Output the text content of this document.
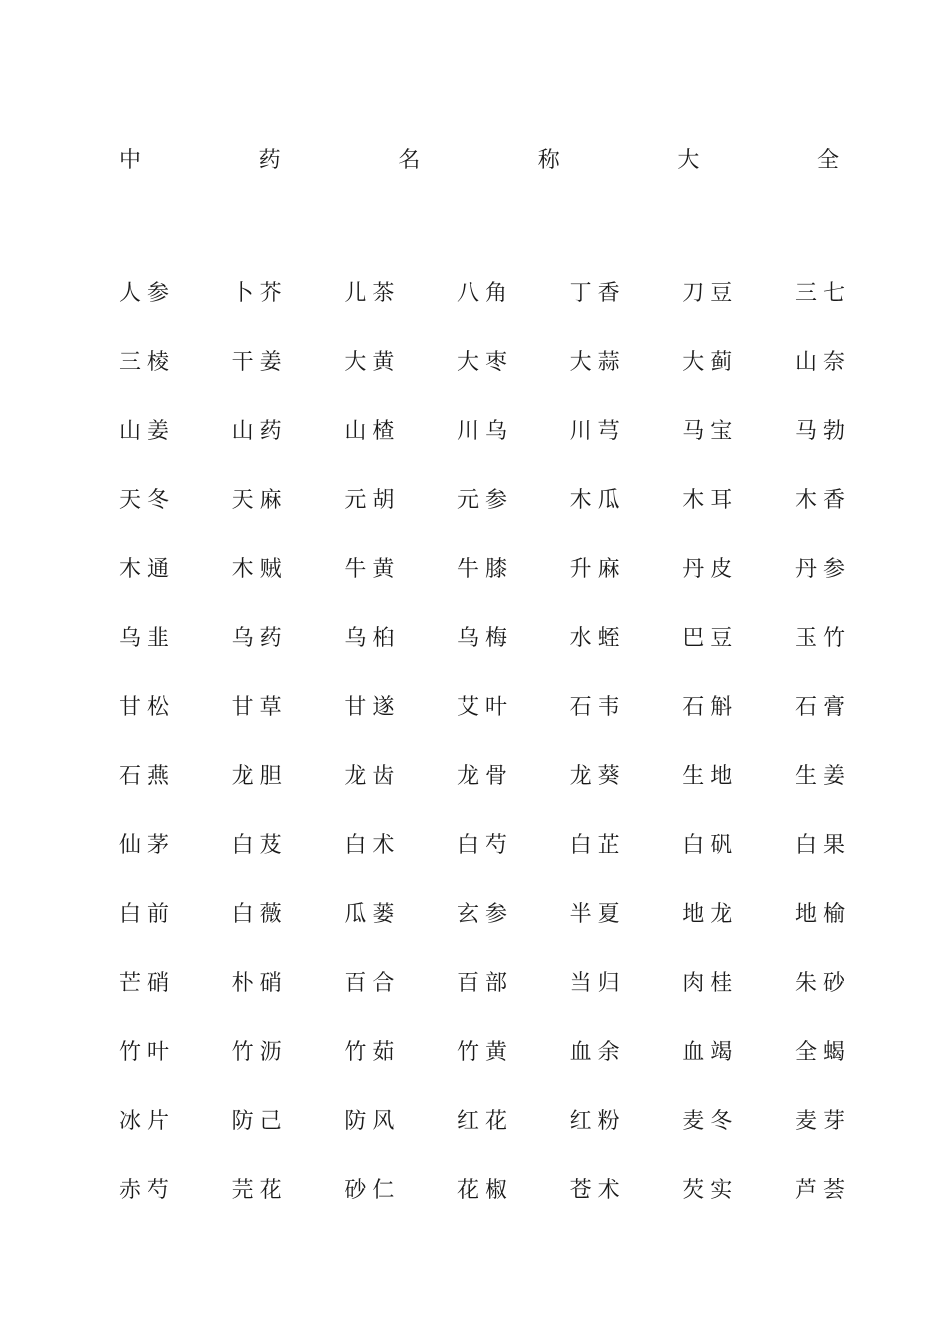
中	药	名	称	大	全
人参	卜芥	儿茶	八角	丁香	刀豆	三七
三棱	干姜	大黄	大枣	大蒜	大蓟	山奈
山姜	山药	山楂	川乌	川芎	马宝	马勃
天冬	天麻	元胡	元参	木瓜	木耳	木香
木通	木贼	牛黄	牛膝	升麻	丹皮	丹参
乌韭	乌药	乌桕	乌梅	水蛭	巴豆	玉竹
甘松	甘草	甘遂	艾叶	石韦	石斛	石膏
石燕	龙胆	龙齿	龙骨	龙葵	生地	生姜
仙茅	白芨	白术	白芍	白芷	白矾	白果
白前	白薇	瓜蒌	玄参	半夏	地龙	地榆
芒硝	朴硝	百合	百部	当归	肉桂	朱砂
竹叶	竹沥	竹茹	竹黄	血余	血竭	全蝎
冰片	防己	防风	红花	红粉	麦冬	麦芽
赤芍	芫花	砂仁	花椒	苍术	芡实	芦荟
